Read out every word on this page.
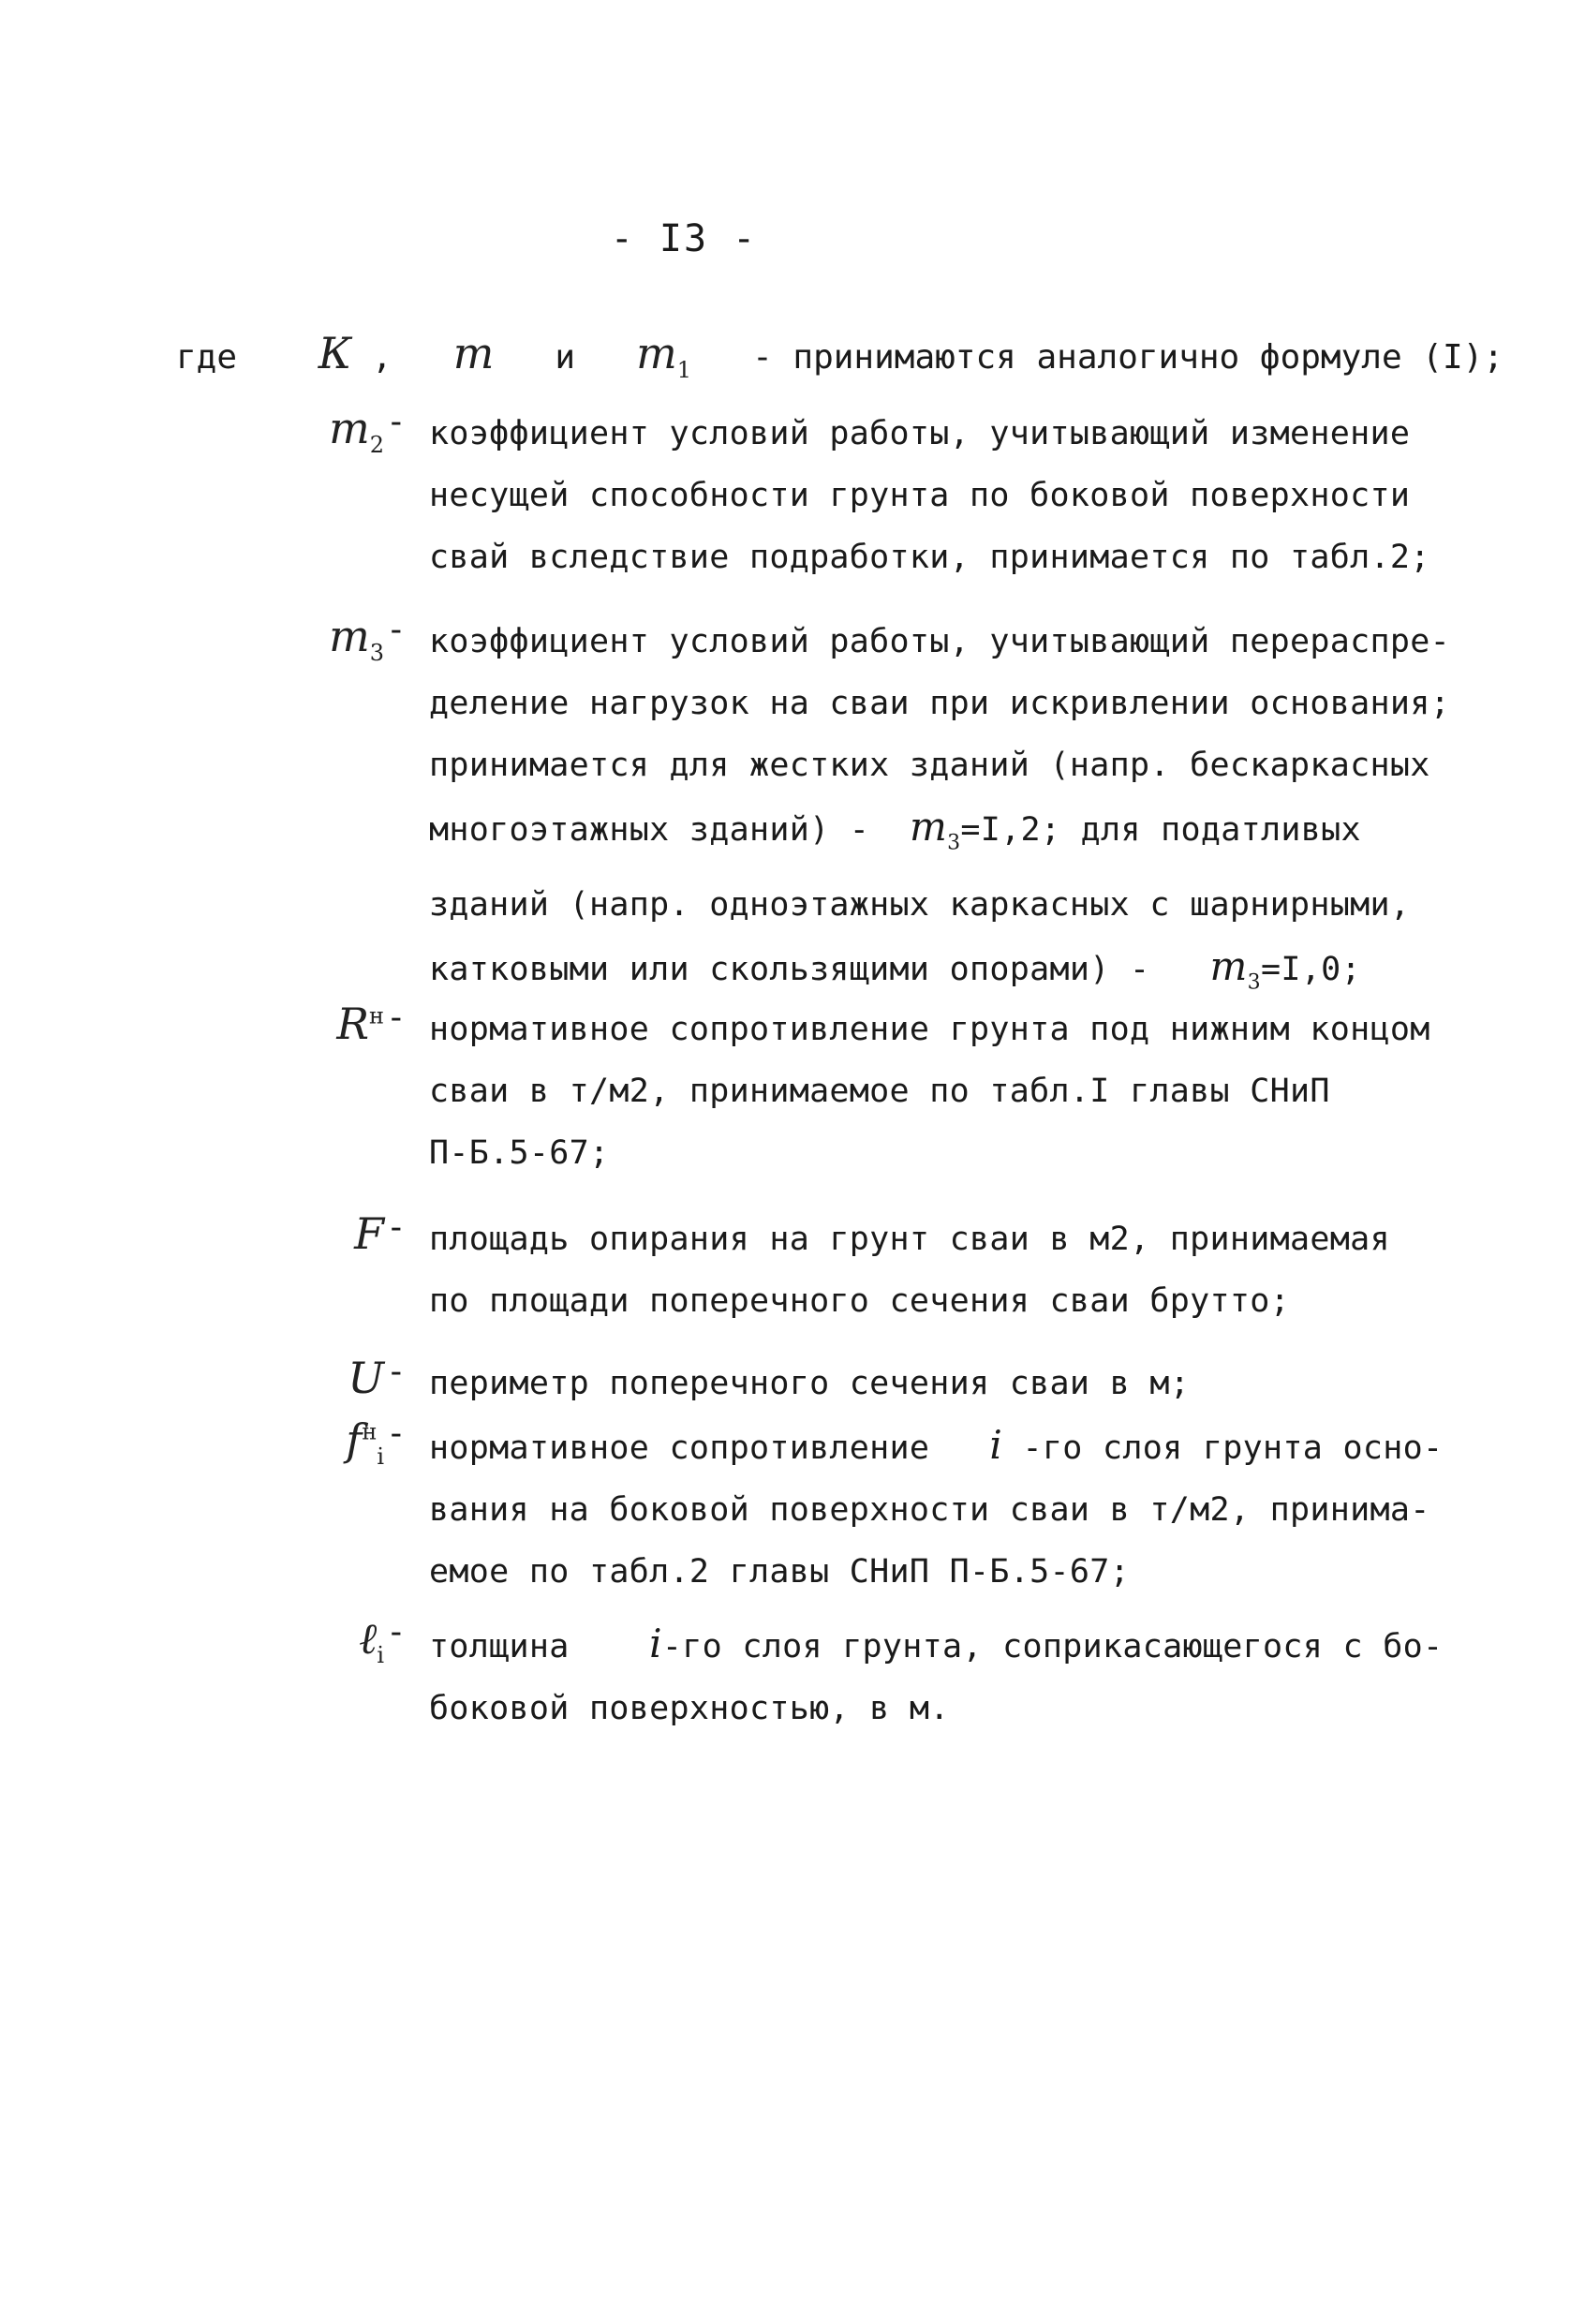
- I3 -
где К , m и $m_1$ - принимаются аналогично формуле (I);
$m_2$
- коэффициент условий работы, учитывающий изменение
несущей способности грунта по боковой поверхности
свай вследствие подработки, принимается по табл.2;
$m_3$
- коэффициент условий работы, учитывающий перераспре-
деление нагрузок на сваи при искривлении основания;
принимается для жестких зданий (напр. бескаркасных
многоэтажных зданий) - $m_3=I,2$; для податливых
зданий (напр. одноэтажных каркасных с шарнирными,
катковыми или скользящими опорами) - $m_3=I,0$;
$R^н$ - нормативное сопротивление грунта под нижним концом
сваи в т/м2, принимаемое по табл.I главы СНиП
П-Б.5-67;
F - площадь опирания на грунт сваи в м2, принимаемая
по площади поперечного сечения сваи брутто;
U - периметр поперечного сечения сваи в м;
$f^н_i$
- нормативное сопротивление i -го слоя грунта осно-
вания на боковой поверхности сваи в т/м2, принима-
емое по табл.2 главы СНиП П-Б.5-67;
ℓ$_i$
- толщина i-го слоя грунта, соприкасающегося с бо-
боковой поверхностью, в м.
